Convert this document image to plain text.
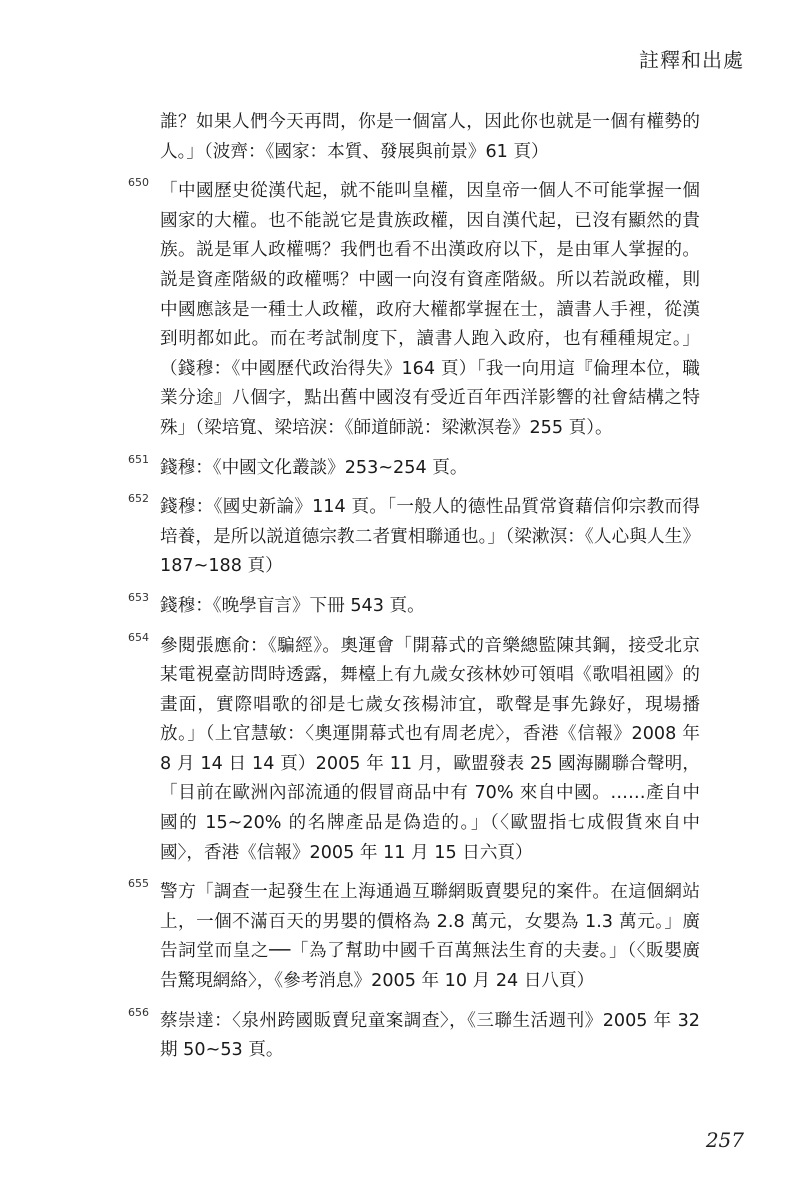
註釋和出處
誰？如果人們今天再問，你是一個富人，因此你也就是一個有權勢的人。」（波齊：《國家：本質、發展與前景》61 頁）
650 「中國歷史從漢代起，就不能叫皇權，因皇帝一個人不可能掌握一個國家的大權。也不能説它是貴族政權，因自漢代起，已沒有顯然的貴族。説是軍人政權嗎？我們也看不出漢政府以下，是由軍人掌握的。説是資產階級的政權嗎？中國一向沒有資產階級。所以若説政權，則中國應該是一種士人政權，政府大權都掌握在士，讀書人手裡，從漢到明都如此。而在考試制度下，讀書人跑入政府，也有種種規定。」（錢穆：《中國歷代政治得失》164 頁）「我一向用這『倫理本位，職業分途』八個字，點出舊中國沒有受近百年西洋影響的社會結構之特殊」（梁培寬、梁培淚：《師道師説：梁漱溟卷》255 頁）。
651 錢穆：《中國文化叢談》253~254 頁。
652 錢穆：《國史新論》114 頁。「一般人的德性品質常資藉信仰宗教而得培養，是所以説道德宗教二者實相聯通也。」（梁漱溟：《人心與人生》187~188 頁）
653 錢穆：《晚學盲言》下冊 543 頁。
654 參閱張應俞：《騙經》。奧運會「開幕式的音樂總監陳其鋼，接受北京某電視臺訪問時透露，舞檯上有九歲女孩林妙可領唱《歌唱祖國》的畫面，實際唱歌的卻是七歲女孩楊沛宜，歌聲是事先錄好，現場播放。」（上官慧敏：〈奧運開幕式也有周老虎〉，香港《信報》2008 年 8 月 14 日 14 頁）2005 年 11 月，歐盟發表 25 國海關聯合聲明，「目前在歐洲內部流通的假冒商品中有 70% 來自中國。……產自中國的 15~20% 的名牌產品是偽造的。」（〈歐盟指七成假貨來自中國〉，香港《信報》2005 年 11 月 15 日六頁）
655 警方「調查一起發生在上海通過互聯網販賣嬰兒的案件。在這個網站上，一個不滿百天的男嬰的價格為 2.8 萬元，女嬰為 1.3 萬元。」廣告詞堂而皇之──「為了幫助中國千百萬無法生育的夫妻。」（〈販嬰廣告驚現網絡〉，《參考消息》2005 年 10 月 24 日八頁）
656 蔡崇達：〈泉州跨國販賣兒童案調查〉，《三聯生活週刊》2005 年 32 期 50~53 頁。
257
